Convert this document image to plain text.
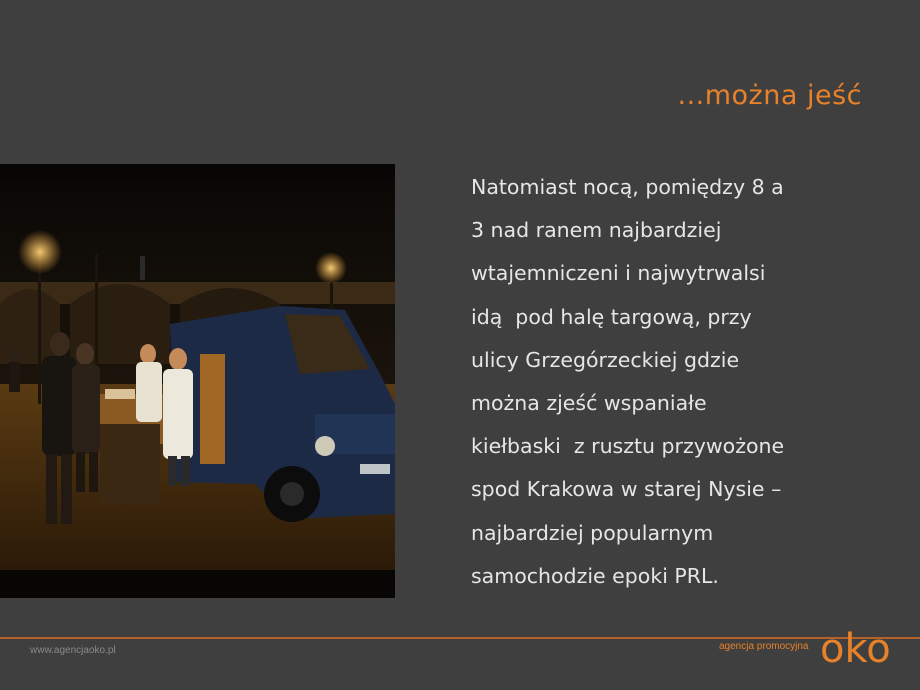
...można jeść
Natomiast nocą, pomiędzy 8 a
3 nad ranem najbardziej
wtajemniczeni i najwytrwalsi
idą  pod halę targową, przy
ulicy Grzegórzeckiej gdzie
można zjeść wspaniałe
kiełbaski  z rusztu przywożone
spod Krakowa w starej Nysie –
najbardziej popularnym
samochodzie epoki PRL.
www.agencjaoko.pl	agencja promocyjna oko
